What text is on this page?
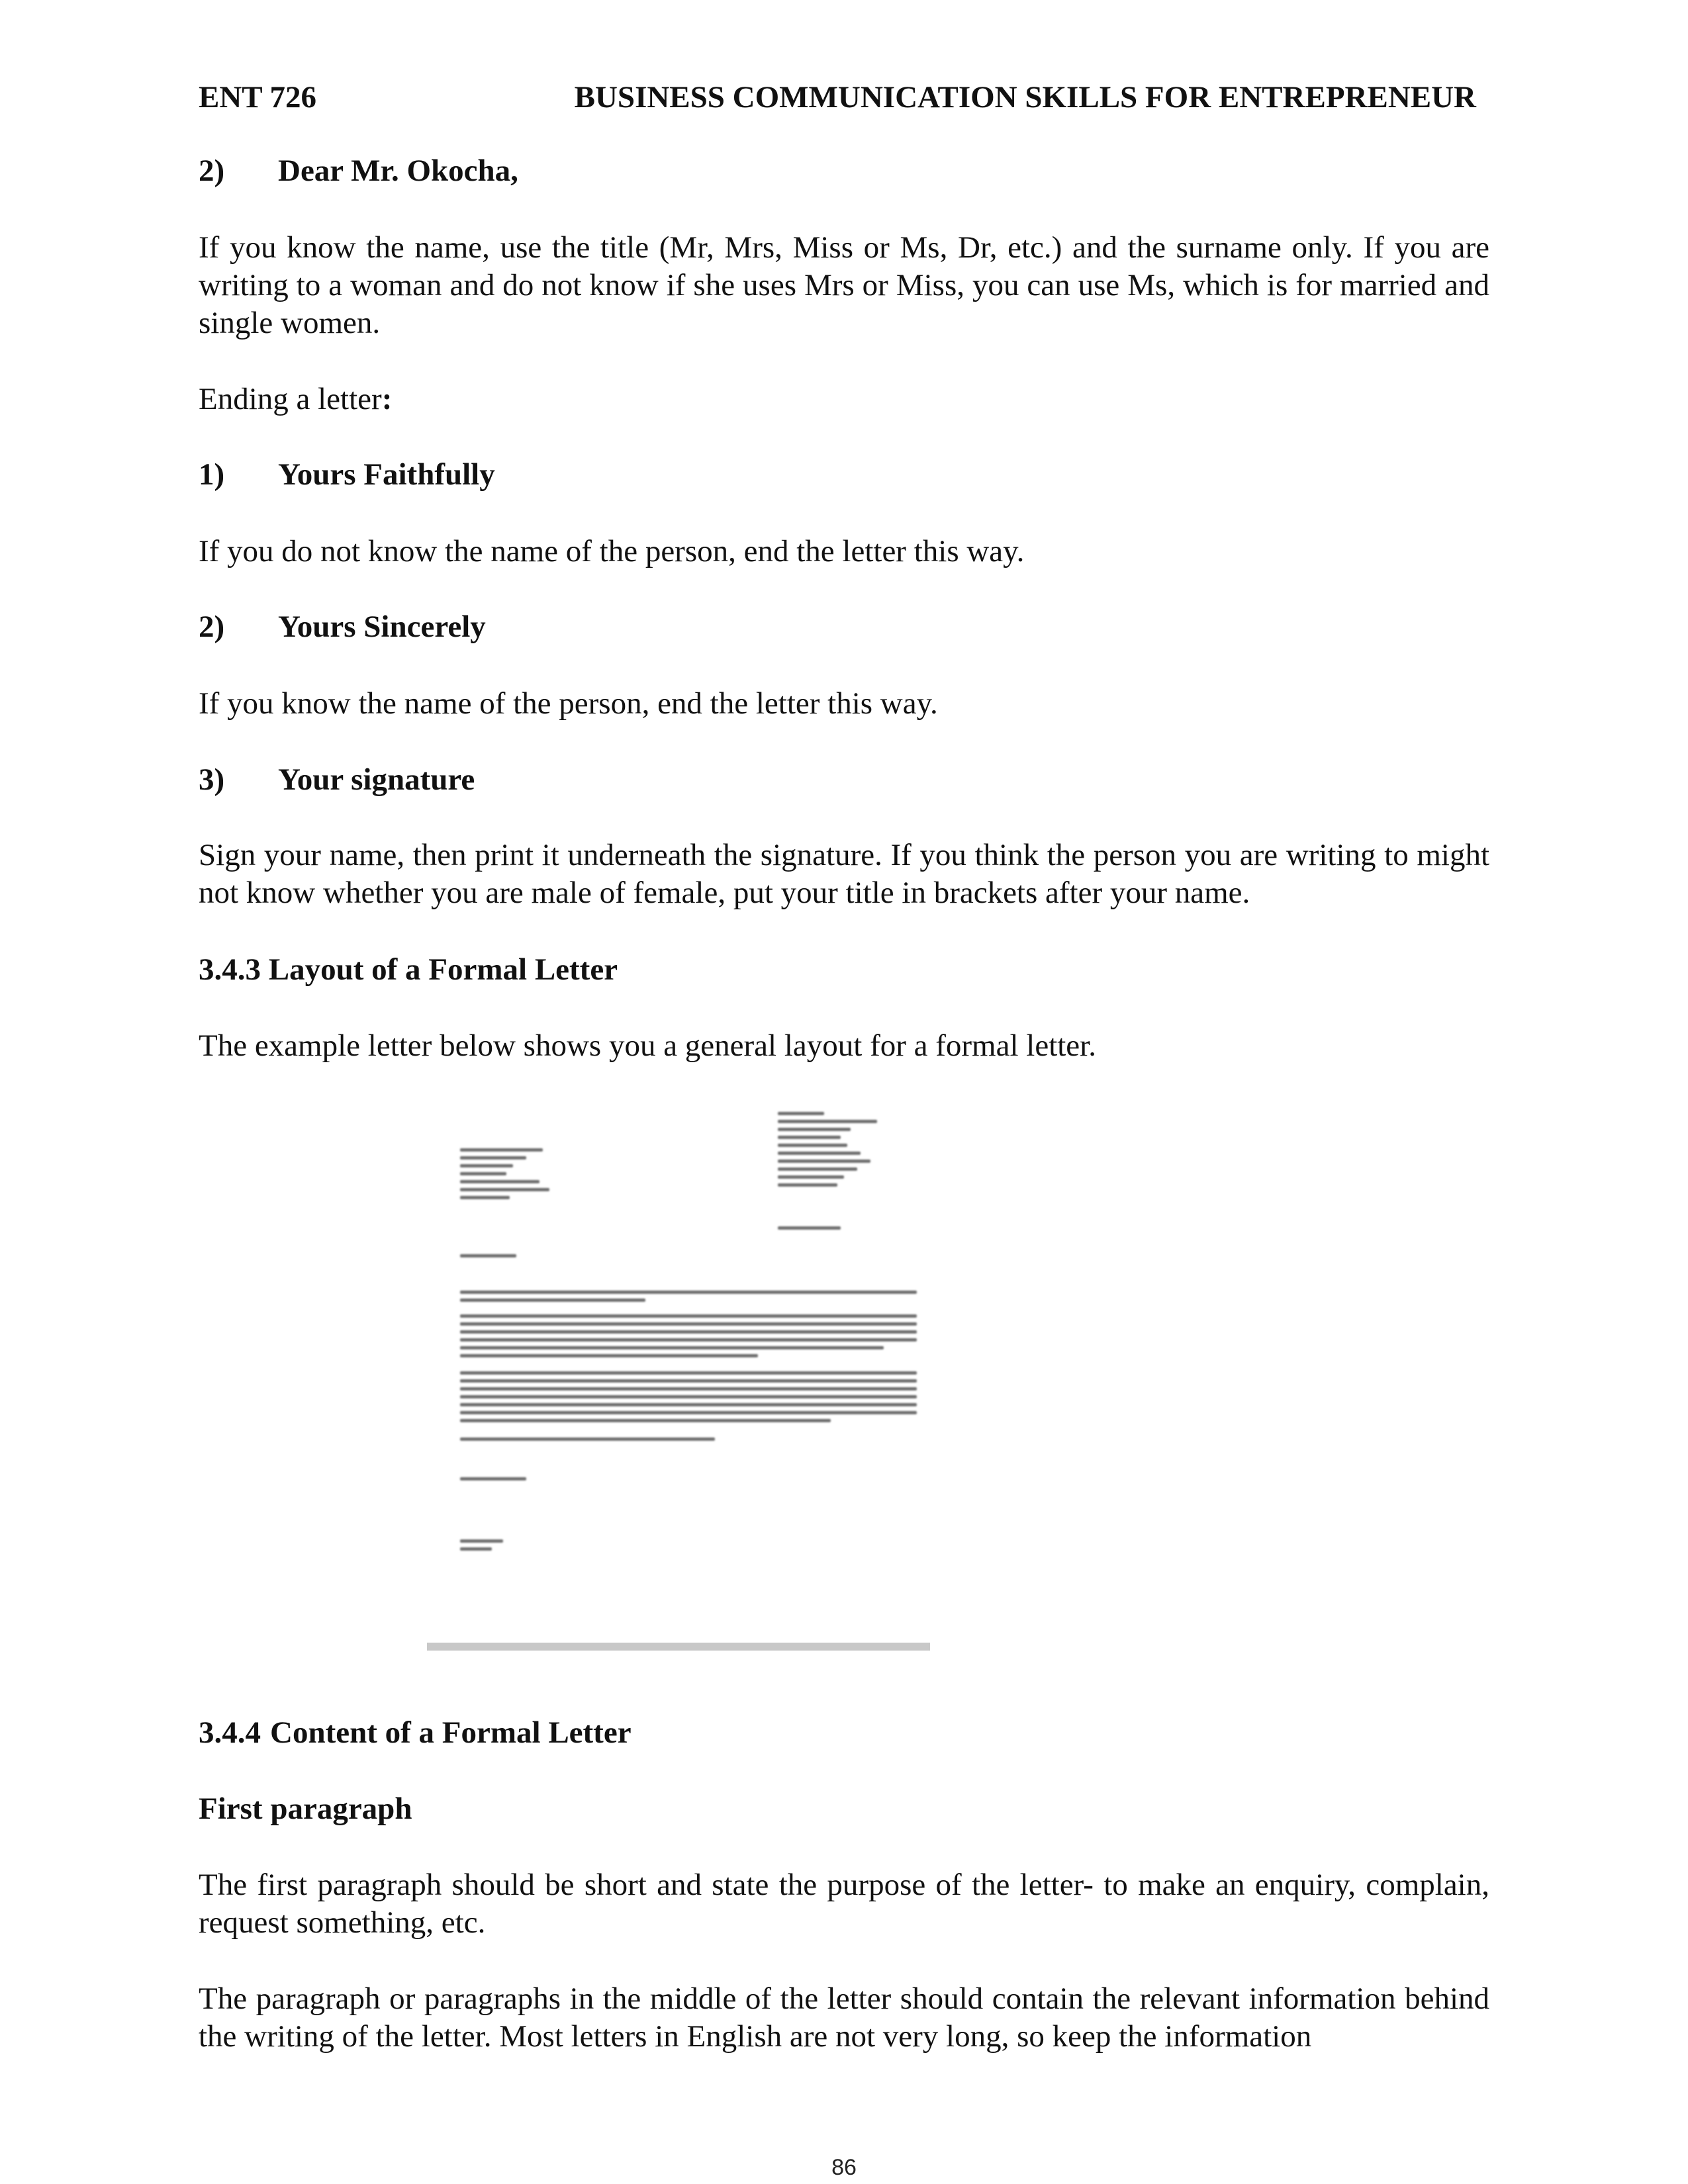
ENT 726	BUSINESS COMMUNICATION SKILLS FOR ENTREPRENEUR
2) Dear Mr. Okocha,
If you know the name, use the title (Mr, Mrs, Miss or Ms, Dr, etc.) and the surname only. If you are writing to a woman and do not know if she uses Mrs or Miss, you can use Ms, which is for married and single women.
Ending a letter:
1) Yours Faithfully
If you do not know the name of the person, end the letter this way.
2) Yours Sincerely
If you know the name of the person, end the letter this way.
3) Your signature
Sign your name, then print it underneath the signature. If you think the person you are writing to might not know whether you are male of female, put your title in brackets after your name.
3.4.3 Layout of a Formal Letter
The example letter below shows you a general layout for a formal letter.
3.4.4 Content of a Formal Letter
First paragraph
The first paragraph should be short and state the purpose of the letter- to make an enquiry, complain, request something, etc.
The paragraph or paragraphs in the middle of the letter should contain the relevant information behind the writing of the letter. Most letters in English are not very long, so keep the information
86
